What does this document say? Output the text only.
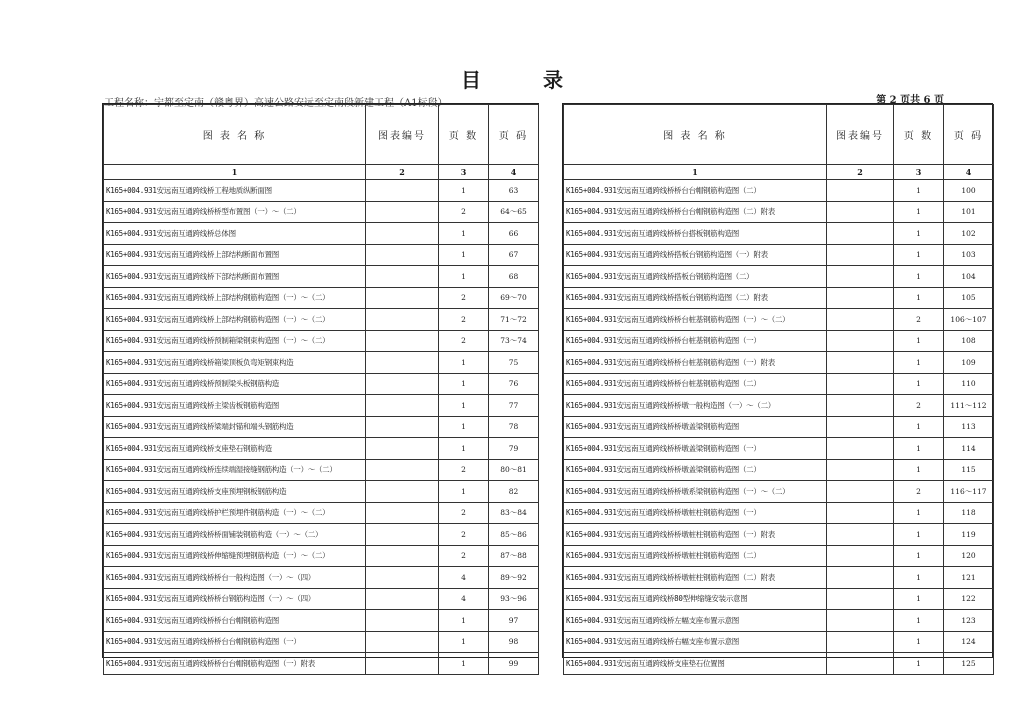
目	录
工程名称：宁都至定南（赣粤界）高速公路安远至定南段新建工程（A1标段）	第 2 页共 6 页
图 表 名 称	图表编号	页 数	页 码
1	2	3	4
K165+004.931安远南互通跨线桥工程地质纵断面图		1	63
K165+004.931安远南互通跨线桥桥型布置图（一）～（二）		2	64～65
K165+004.931安远南互通跨线桥总体图		1	66
K165+004.931安远南互通跨线桥上部结构断面布置图		1	67
K165+004.931安远南互通跨线桥下部结构断面布置图		1	68
K165+004.931安远南互通跨线桥上部结构钢筋构造图（一）～（二）		2	69～70
K165+004.931安远南互通跨线桥上部结构钢筋构造图（一）～（二）		2	71～72
K165+004.931安远南互通跨线桥预制箱梁钢束构造图（一）～（二）		2	73～74
K165+004.931安远南互通跨线桥箱梁顶板负弯矩钢束构造		1	75
K165+004.931安远南互通跨线桥预制梁头板钢筋构造		1	76
K165+004.931安远南互通跨线桥主梁齿板钢筋构造图		1	77
K165+004.931安远南互通跨线桥梁端封锚和端头钢筋构造		1	78
K165+004.931安远南互通跨线桥支座垫石钢筋构造		1	79
K165+004.931安远南互通跨线桥连续端湿接缝钢筋构造（一）～（二）		2	80～81
K165+004.931安远南互通跨线桥支座预埋钢板钢筋构造		1	82
K165+004.931安远南互通跨线桥护栏预埋件钢筋构造（一）～（二）		2	83～84
K165+004.931安远南互通跨线桥桥面铺装钢筋构造（一）～（二）		2	85～86
K165+004.931安远南互通跨线桥伸缩缝预埋钢筋构造（一）～（二）		2	87～88
K165+004.931安远南互通跨线桥桥台一般构造图（一）～（四）		4	89～92
K165+004.931安远南互通跨线桥桥台钢筋构造图（一）～（四）		4	93～96
K165+004.931安远南互通跨线桥桥台台帽钢筋构造图		1	97
K165+004.931安远南互通跨线桥桥台台帽钢筋构造图（一）		1	98
K165+004.931安远南互通跨线桥桥台台帽钢筋构造图（一）附表		1	99
图 表 名 称	图表编号	页 数	页 码
1	2	3	4
K165+004.931安远南互通跨线桥桥台台帽钢筋构造图（二）		1	100
K165+004.931安远南互通跨线桥桥台台帽钢筋构造图（二）附表		1	101
K165+004.931安远南互通跨线桥桥台搭板钢筋构造图		1	102
K165+004.931安远南互通跨线桥搭板台钢筋构造图（一）附表		1	103
K165+004.931安远南互通跨线桥搭板台钢筋构造图（二）		1	104
K165+004.931安远南互通跨线桥搭板台钢筋构造图（二）附表		1	105
K165+004.931安远南互通跨线桥桥台桩基钢筋构造图（一）～（二）		2	106～107
K165+004.931安远南互通跨线桥桥台桩基钢筋构造图（一）		1	108
K165+004.931安远南互通跨线桥桥台桩基钢筋构造图（一）附表		1	109
K165+004.931安远南互通跨线桥桥台桩基钢筋构造图（二）		1	110
K165+004.931安远南互通跨线桥桥墩一般构造图（一）～（二）		2	111～112
K165+004.931安远南互通跨线桥桥墩盖梁钢筋构造图		1	113
K165+004.931安远南互通跨线桥桥墩盖梁钢筋构造图（一）		1	114
K165+004.931安远南互通跨线桥桥墩盖梁钢筋构造图（二）		1	115
K165+004.931安远南互通跨线桥桥墩系梁钢筋构造图（一）～（二）		2	116～117
K165+004.931安远南互通跨线桥桥墩桩柱钢筋构造图（一）		1	118
K165+004.931安远南互通跨线桥桥墩桩柱钢筋构造图（一）附表		1	119
K165+004.931安远南互通跨线桥桥墩桩柱钢筋构造图（二）		1	120
K165+004.931安远南互通跨线桥桥墩桩柱钢筋构造图（二）附表		1	121
K165+004.931安远南互通跨线桥80型伸缩缝安装示意图		1	122
K165+004.931安远南互通跨线桥左幅支座布置示意图		1	123
K165+004.931安远南互通跨线桥右幅支座布置示意图		1	124
K165+004.931安远南互通跨线桥支座垫石位置图		1	125
